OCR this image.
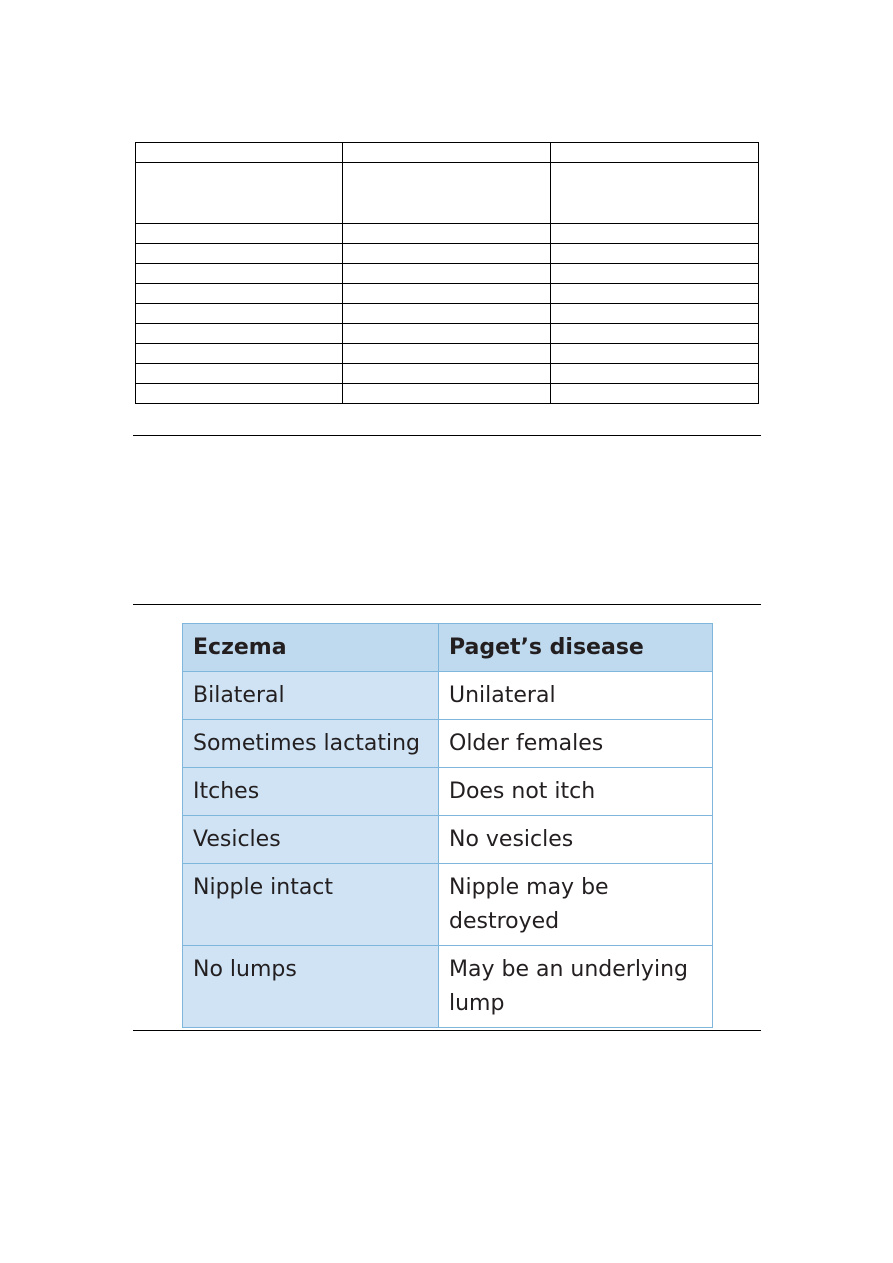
Eczema	Paget’s disease
Bilateral	Unilateral
Sometimes lactating	Older females
Itches	Does not itch
Vesicles	No vesicles
Nipple intact	Nipple may be destroyed
No lumps	May be an underlying lump
